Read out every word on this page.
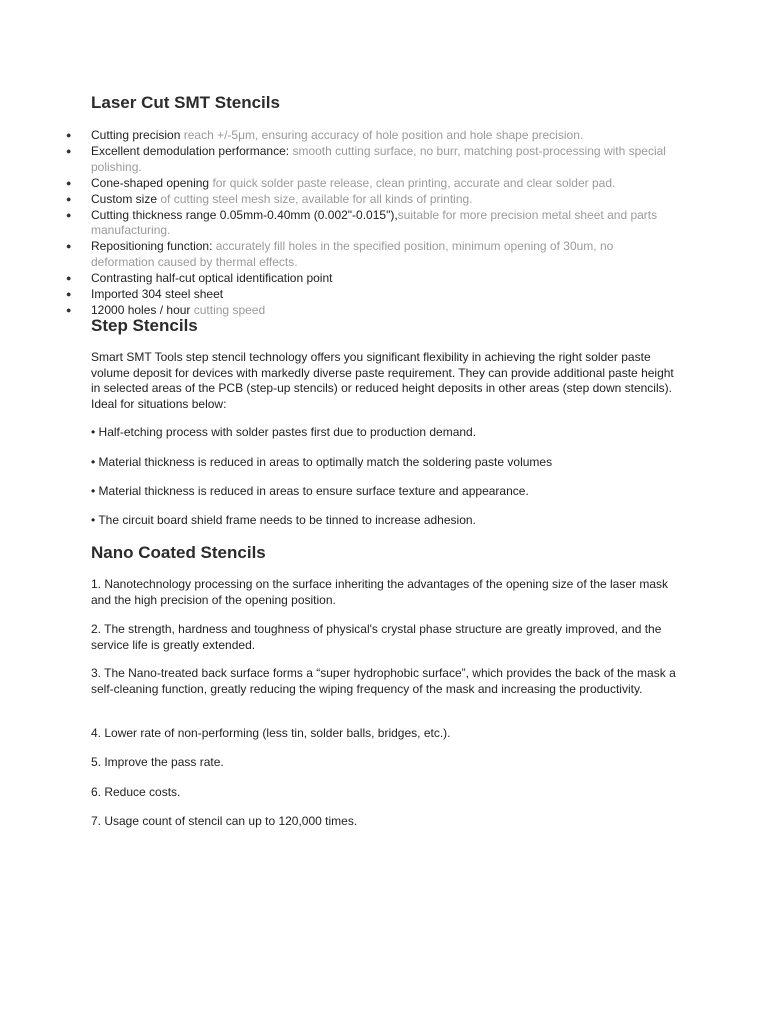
Laser Cut SMT Stencils
● Cutting precision reach +/-5μm, ensuring accuracy of hole position and hole shape precision.
● Excellent demodulation performance: smooth cutting surface, no burr, matching post-processing with special polishing.
● Cone-shaped opening for quick solder paste release, clean printing, accurate and clear solder pad.
● Custom size of cutting steel mesh size, available for all kinds of printing.
● Cutting thickness range 0.05mm-0.40mm (0.002"-0.015"),suitable for more precision metal sheet and parts manufacturing.
● Repositioning function: accurately fill holes in the specified position, minimum opening of 30um, no deformation caused by thermal effects.
● Contrasting half-cut optical identification point
● Imported 304 steel sheet
● 12000 holes / hour cutting speed
Step Stencils

Smart SMT Tools step stencil technology offers you significant flexibility in achieving the right solder paste volume deposit for devices with markedly diverse paste requirement. They can provide additional paste height in selected areas of the PCB (step-up stencils) or reduced height deposits in other areas (step down stencils). Ideal for situations below:

• Half-etching process with solder pastes first due to production demand.

• Material thickness is reduced in areas to optimally match the soldering paste volumes

• Material thickness is reduced in areas to ensure surface texture and appearance.

• The circuit board shield frame needs to be tinned to increase adhesion.

Nano Coated Stencils

1. Nanotechnology processing on the surface inheriting the advantages of the opening size of the laser mask and the high precision of the opening position.

2. The strength, hardness and toughness of physical's crystal phase structure are greatly improved, and the service life is greatly extended.

3. The Nano-treated back surface forms a “super hydrophobic surface”, which provides the back of the mask a self-cleaning function, greatly reducing the wiping frequency of the mask and increasing the productivity.

4. Lower rate of non-performing (less tin, solder balls, bridges, etc.).

5. Improve the pass rate.

6. Reduce costs.

7. Usage count of stencil can up to 120,000 times.
